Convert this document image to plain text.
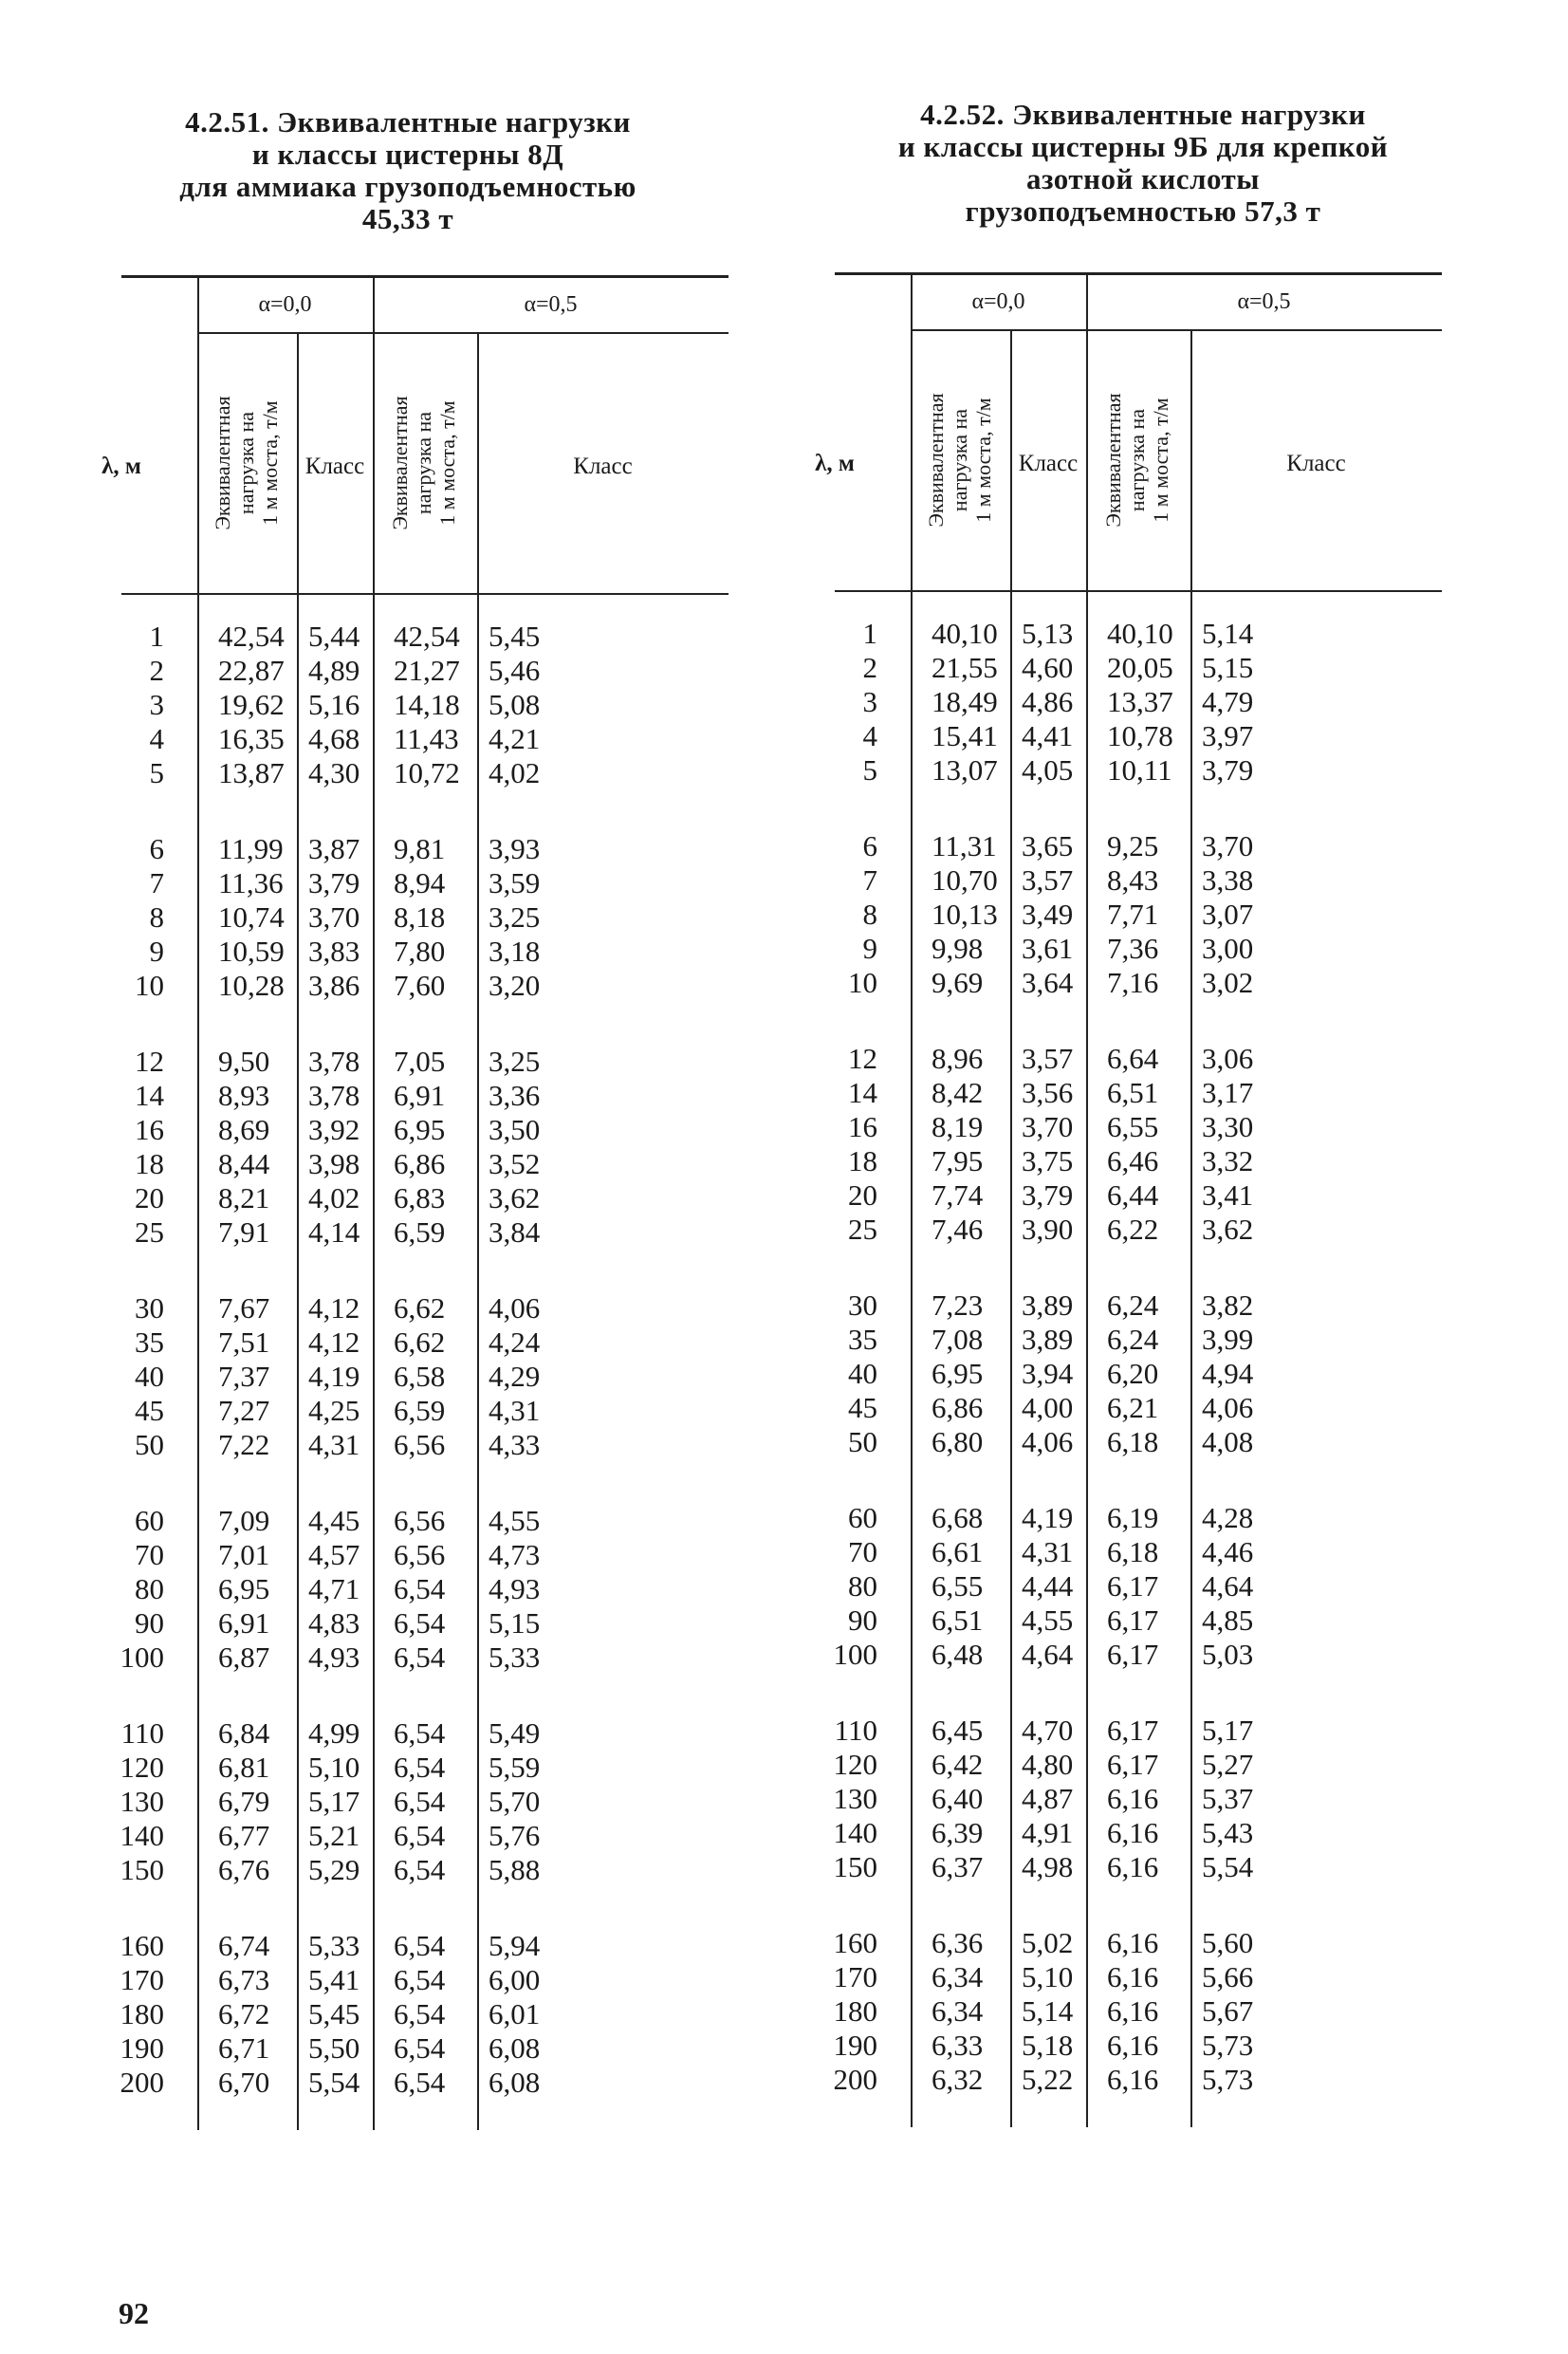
4.2.51. Эквивалентные нагрузки
и классы цистерны 8Д
для аммиака грузоподъемностью
45,33 т
4.2.52. Эквивалентные нагрузки
и классы цистерны 9Б для крепкой
азотной кислоты
грузоподъемностью 57,3 т
α=0,0	α=0,5
λ, м	Эквивалентная нагрузка на 1 м моста, т/м	Эквивалентная нагрузка на 1 м моста, т/м
Класс	Класс
1 42,54 5,44 42,54 5,45
2 22,87 4,89 21,27 5,46
3 19,62 5,16 14,18 5,08
4 16,35 4,68 11,43 4,21
5 13,87 4,30 10,72 4,02
6 11,99 3,87 9,81 3,93
7 11,36 3,79 8,94 3,59
8 10,74 3,70 8,18 3,25
9 10,59 3,83 7,80 3,18
10 10,28 3,86 7,60 3,20
12 9,50 3,78 7,05 3,25
14 8,93 3,78 6,91 3,36
16 8,69 3,92 6,95 3,50
18 8,44 3,98 6,86 3,52
20 8,21 4,02 6,83 3,62
25 7,91 4,14 6,59 3,84
30 7,67 4,12 6,62 4,06
35 7,51 4,12 6,62 4,24
40 7,37 4,19 6,58 4,29
45 7,27 4,25 6,59 4,31
50 7,22 4,31 6,56 4,33
60 7,09 4,45 6,56 4,55
70 7,01 4,57 6,56 4,73
80 6,95 4,71 6,54 4,93
90 6,91 4,83 6,54 5,15
100 6,87 4,93 6,54 5,33
110 6,84 4,99 6,54 5,49
120 6,81 5,10 6,54 5,59
130 6,79 5,17 6,54 5,70
140 6,77 5,21 6,54 5,76
150 6,76 5,29 6,54 5,88
160 6,74 5,33 6,54 5,94
170 6,73 5,41 6,54 6,00
180 6,72 5,45 6,54 6,01
190 6,71 5,50 6,54 6,08
200 6,70 5,54 6,54 6,08
α=0,0	α=0,5
λ, м	Эквивалентная нагрузка на 1 м моста, т/м	Эквивалентная нагрузка на 1 м моста, т/м
Класс	Класс
1 40,10 5,13 40,10 5,14
2 21,55 4,60 20,05 5,15
3 18,49 4,86 13,37 4,79
4 15,41 4,41 10,78 3,97
5 13,07 4,05 10,11 3,79
6 11,31 3,65 9,25 3,70
7 10,70 3,57 8,43 3,38
8 10,13 3,49 7,71 3,07
9 9,98 3,61 7,36 3,00
10 9,69 3,64 7,16 3,02
12 8,96 3,57 6,64 3,06
14 8,42 3,56 6,51 3,17
16 8,19 3,70 6,55 3,30
18 7,95 3,75 6,46 3,32
20 7,74 3,79 6,44 3,41
25 7,46 3,90 6,22 3,62
30 7,23 3,89 6,24 3,82
35 7,08 3,89 6,24 3,99
40 6,95 3,94 6,20 4,94
45 6,86 4,00 6,21 4,06
50 6,80 4,06 6,18 4,08
60 6,68 4,19 6,19 4,28
70 6,61 4,31 6,18 4,46
80 6,55 4,44 6,17 4,64
90 6,51 4,55 6,17 4,85
100 6,48 4,64 6,17 5,03
110 6,45 4,70 6,17 5,17
120 6,42 4,80 6,17 5,27
130 6,40 4,87 6,16 5,37
140 6,39 4,91 6,16 5,43
150 6,37 4,98 6,16 5,54
160 6,36 5,02 6,16 5,60
170 6,34 5,10 6,16 5,66
180 6,34 5,14 6,16 5,67
190 6,33 5,18 6,16 5,73
200 6,32 5,22 6,16 5,73
92
